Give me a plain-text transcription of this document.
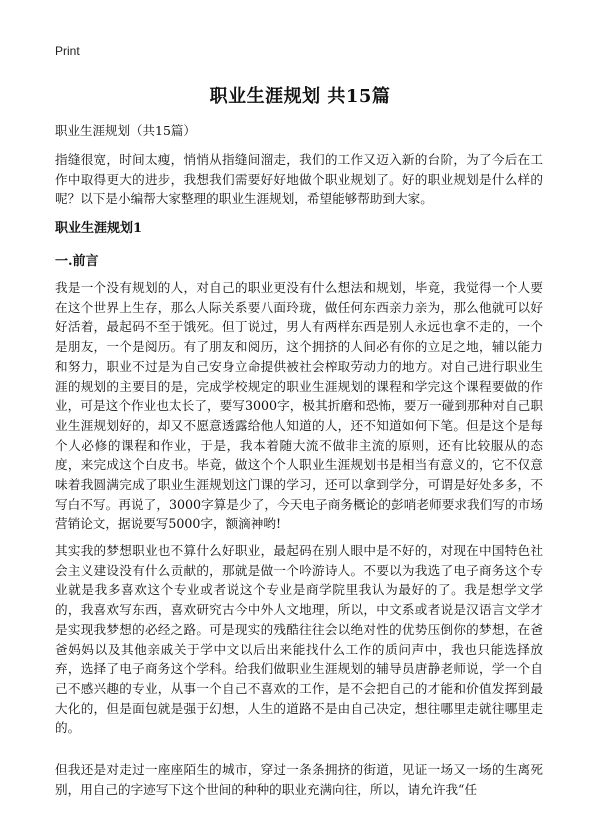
Print
职业生涯规划 共15篇
职业生涯规划（共15篇）

指缝很宽，时间太瘦，悄悄从指缝间溜走，我们的工作又迈入新的台阶，为了今后在工作中取得更大的进步，我想我们需要好好地做个职业规划了。好的职业规划是什么样的呢？以下是小编帮大家整理的职业生涯规划，希望能够帮助到大家。

职业生涯规划1
一.前言

我是一个没有规划的人，对自己的职业更没有什么想法和规划，毕竟，我觉得一个人要在这个世界上生存，那么人际关系要八面玲珑，做任何东西亲力亲为，那么他就可以好好活着，最起码不至于饿死。但丁说过，男人有两样东西是别人永远也拿不走的，一个是朋友，一个是阅历。有了朋友和阅历，这个拥挤的人间必有你的立足之地，辅以能力和努力，职业不过是为自己安身立命提供被社会榨取劳动力的地方。对自己进行职业生涯的规划的主要目的是，完成学校规定的职业生涯规划的课程和学完这个课程要做的作业，可是这个作业也太长了，要写3000字，极其折磨和恐怖，要万一碰到那种对自己职业生涯规划好的，却又不愿意透露给他人知道的人，还不知道如何下笔。但是这个是每个人必修的课程和作业，于是，我本着随大流不做非主流的原则，还有比较服从的态度，来完成这个白皮书。毕竟，做这个个人职业生涯规划书是相当有意义的，它不仅意味着我圆满完成了职业生涯规划这门课的学习，还可以拿到学分，可谓是好处多多，不写白不写。再说了，3000字算是少了，今天电子商务概论的彭哨老师要求我们写的市场营销论文，据说要写5000字，额滴神哟!

其实我的梦想职业也不算什么好职业，最起码在别人眼中是不好的，对现在中国特色社会主义建设没有什么贡献的，那就是做一个吟游诗人。不要以为我选了电子商务这个专业就是我多喜欢这个专业或者说这个专业是商学院里我认为最好的了。我是想学文学的，我喜欢写东西，喜欢研究古今中外人文地理，所以，中文系或者说是汉语言文学才是实现我梦想的必经之路。可是现实的残酷往往会以绝对性的优势压倒你的梦想，在爸爸妈妈以及其他亲戚关于学中文以后出来能找什么工作的质问声中，我也只能选择放弃，选择了电子商务这个学科。给我们做职业生涯规划的辅导员唐静老师说，学一个自己不感兴趣的专业，从事一个自己不喜欢的工作，是不会把自己的才能和价值发挥到最大化的，但是面包就是强于幻想，人生的道路不是由自己决定，想往哪里走就往哪里走的。

但我还是对走过一座座陌生的城市，穿过一条条拥挤的街道，见证一场又一场的生离死别，用自己的字迹写下这个世间的种种的职业充满向往，所以，请允许我“任
